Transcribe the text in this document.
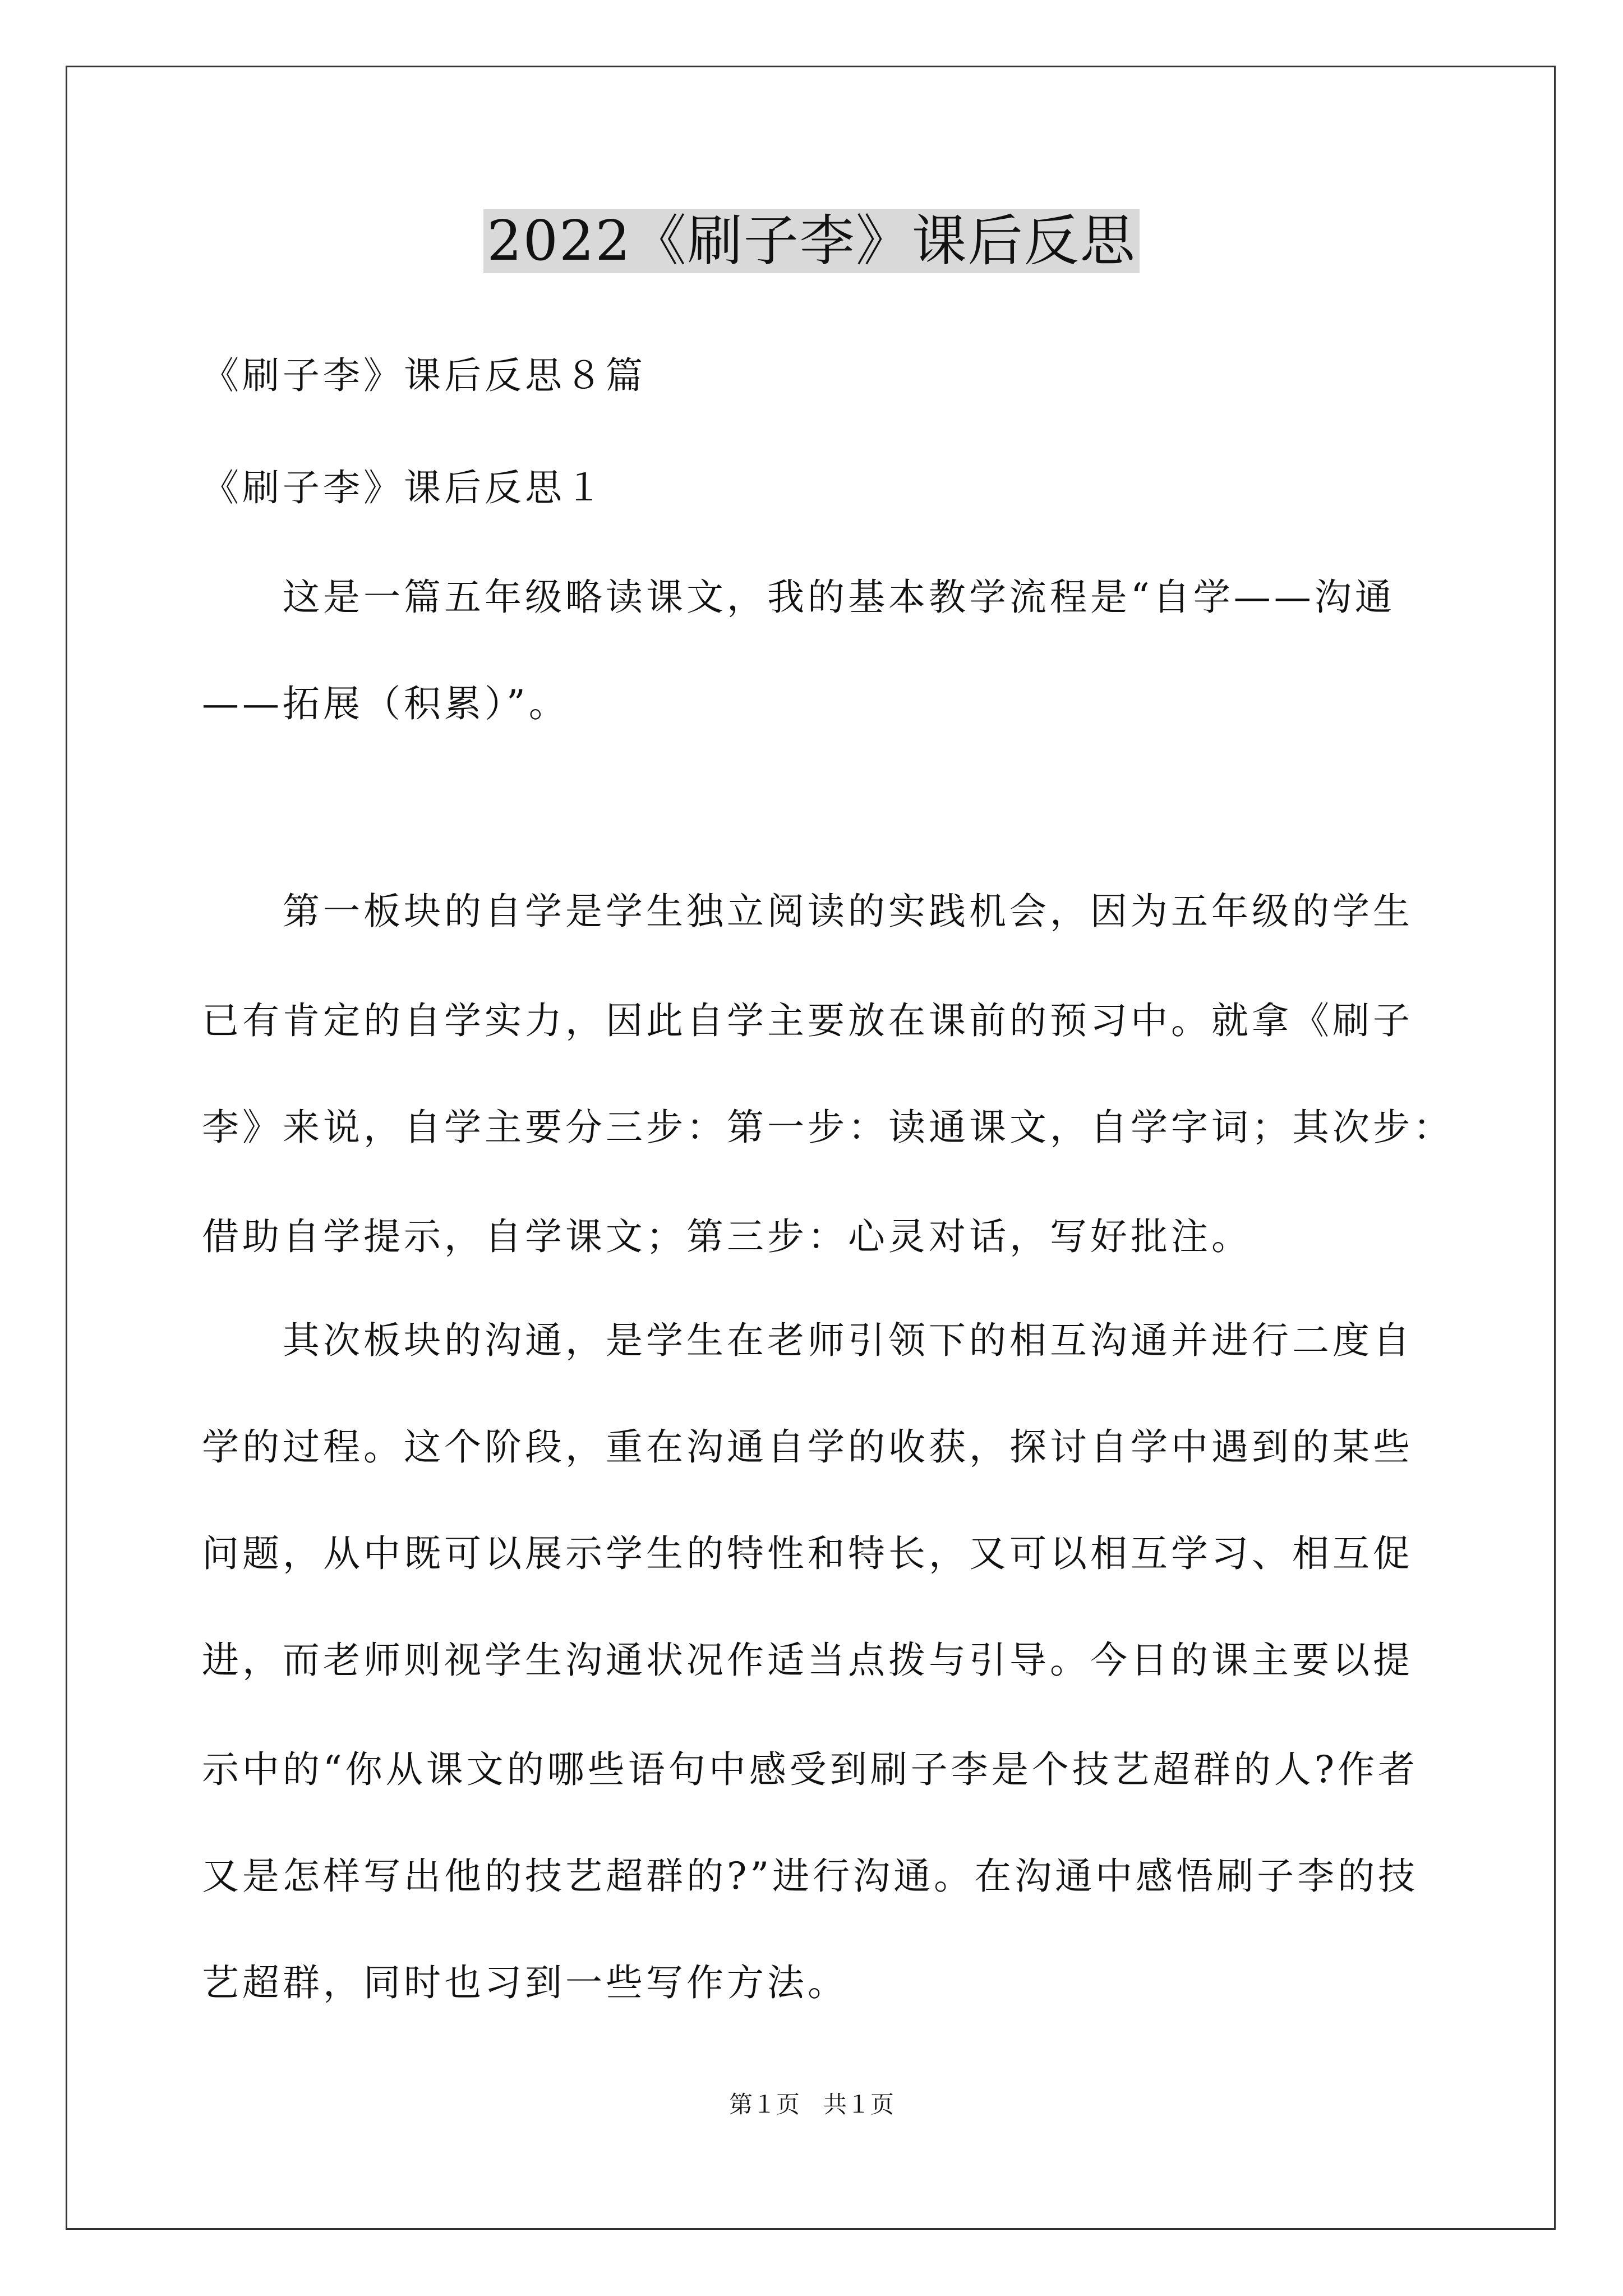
2022《刷子李》课后反思
《刷子李》课后反思８篇
《刷子李》课后反思１
　　这是一篇五年级略读课文，我的基本教学流程是“自学——沟通
——拓展（积累）”。
　　第一板块的自学是学生独立阅读的实践机会，因为五年级的学生
已有肯定的自学实力，因此自学主要放在课前的预习中。就拿《刷子
李》来说，自学主要分三步：第一步：读通课文，自学字词；其次步：
借助自学提示，自学课文；第三步：心灵对话，写好批注。
　　其次板块的沟通，是学生在老师引领下的相互沟通并进行二度自
学的过程。这个阶段，重在沟通自学的收获，探讨自学中遇到的某些
问题，从中既可以展示学生的特性和特长，又可以相互学习、相互促
进，而老师则视学生沟通状况作适当点拨与引导。今日的课主要以提
示中的“你从课文的哪些语句中感受到刷子李是个技艺超群的人?作者
又是怎样写出他的技艺超群的?”进行沟通。在沟通中感悟刷子李的技
艺超群，同时也习到一些写作方法。
第１页　共１页
